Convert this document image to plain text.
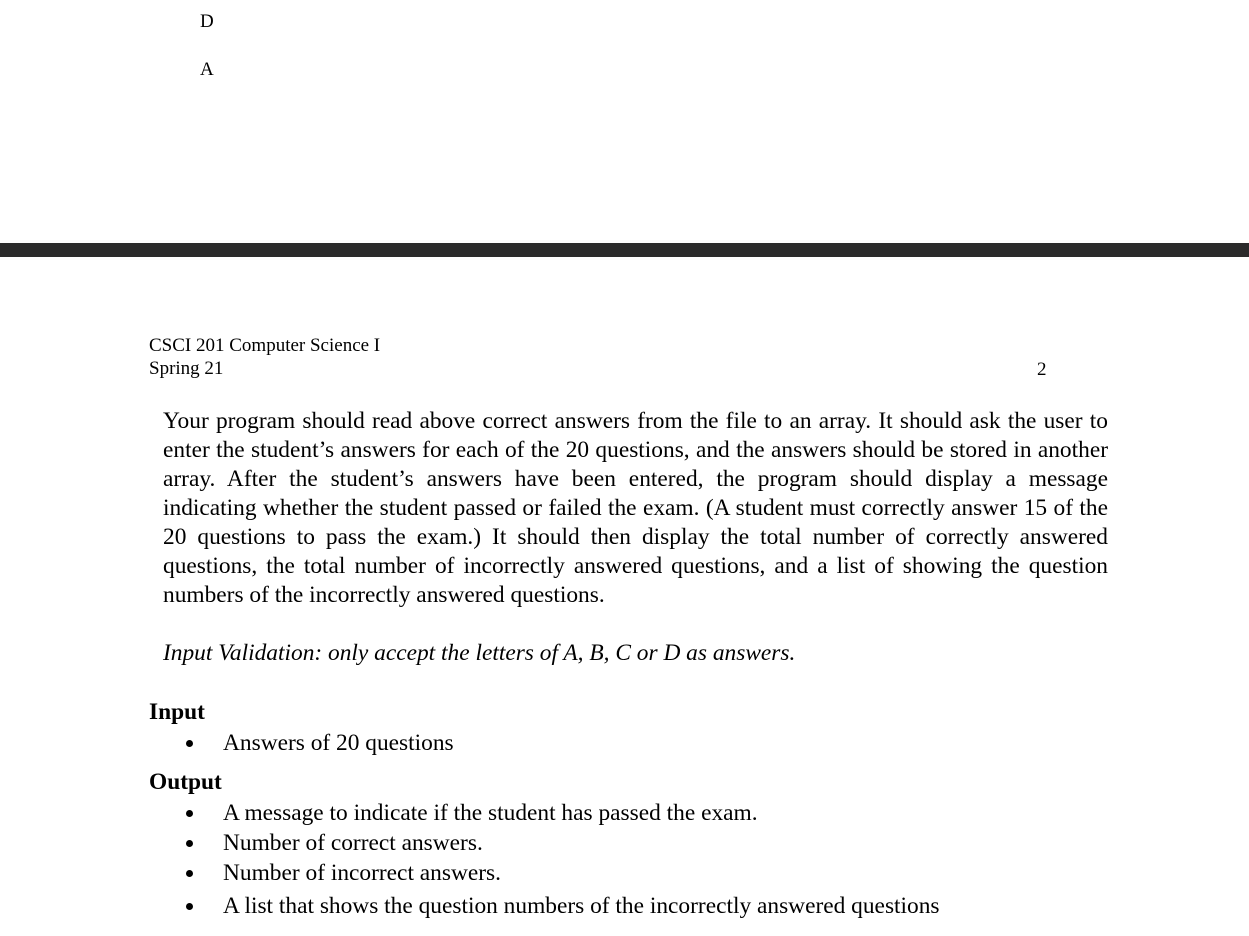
D
A
CSCI 201 Computer Science I
Spring 21	2

Your program should read above correct answers from the file to an array. It should ask the user to enter the student’s answers for each of the 20 questions, and the answers should be stored in another array. After the student’s answers have been entered, the program should display a message indicating whether the student passed or failed the exam. (A student must correctly answer 15 of the 20 questions to pass the exam.) It should then display the total number of correctly answered questions, the total number of incorrectly answered questions, and a list of showing the question numbers of the incorrectly answered questions.

Input Validation: only accept the letters of A, B, C or D as answers.

Input

Answers of 20 questions

Output

A message to indicate if the student has passed the exam.
Number of correct answers.
Number of incorrect answers.
A list that shows the question numbers of the incorrectly answered questions
